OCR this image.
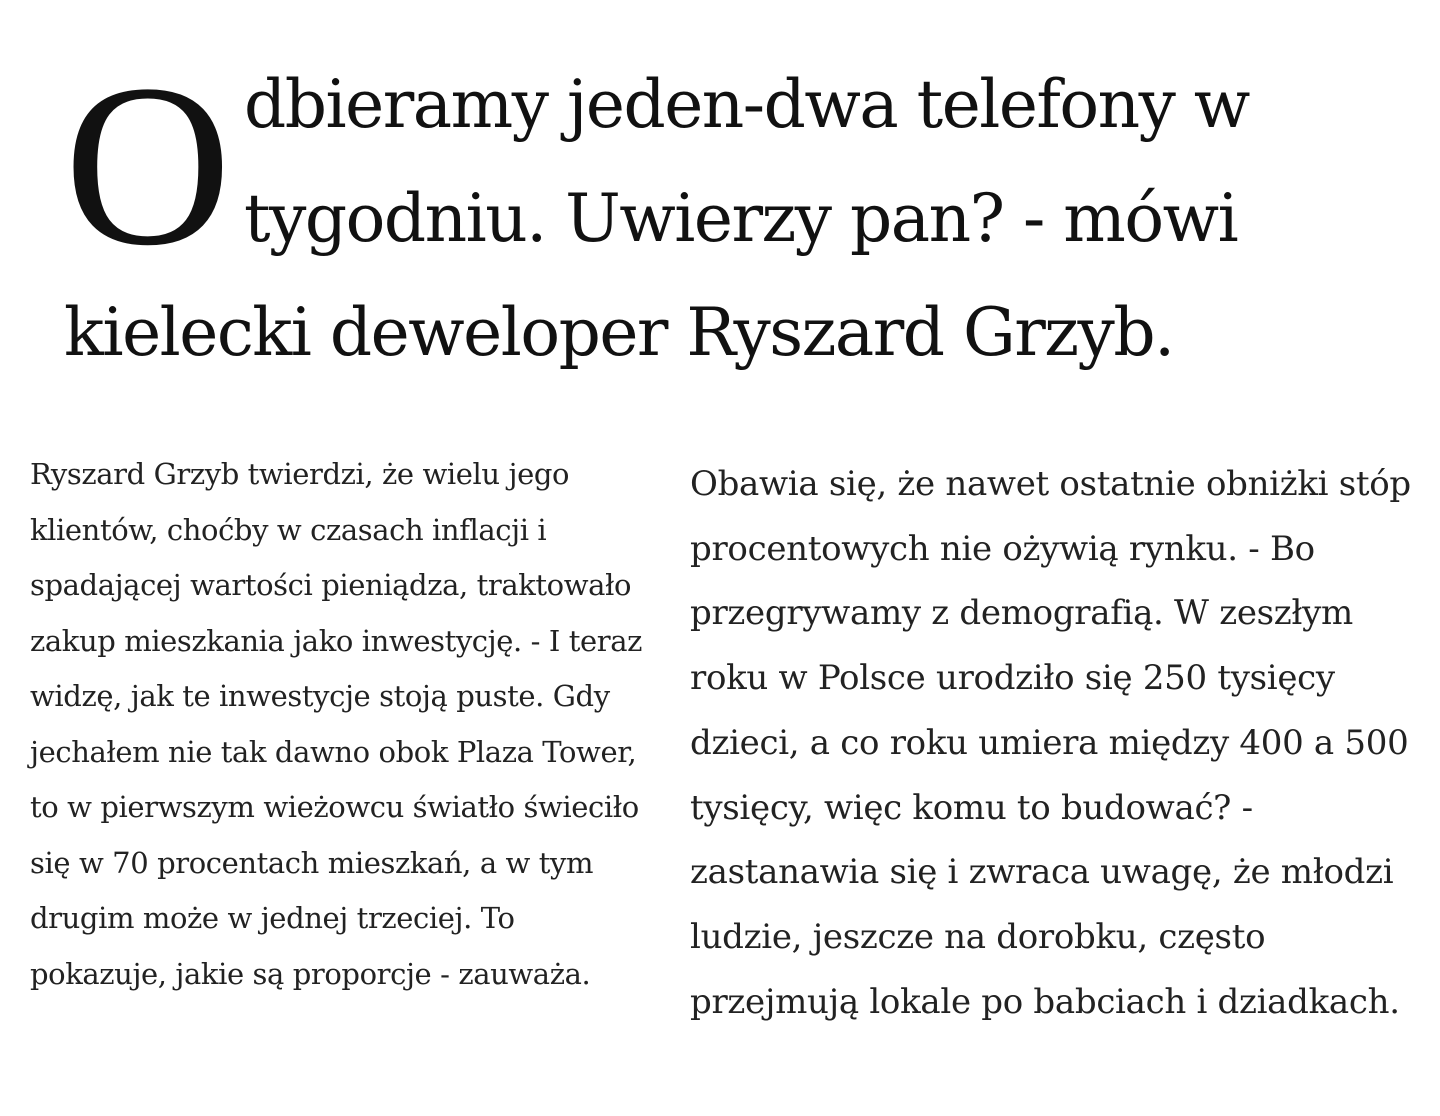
Odbieramy jeden-dwa telefony w tygodniu. Uwierzy pan? - mówi kielecki deweloper Ryszard Grzyb.

Ryszard Grzyb twierdzi, że wielu jego klientów, choćby w czasach inflacji i spadającej wartości pieniądza, traktowało zakup mieszkania jako inwestycję. - I teraz widzę, jak te inwestycje stoją puste. Gdy jechałem nie tak dawno obok Plaza Tower, to w pierwszym wieżowcu światło świeciło się w 70 procentach mieszkań, a w tym drugim może w jednej trzeciej. To pokazuje, jakie są proporcje - zauważa.

Obawia się, że nawet ostatnie obniżki stóp procentowych nie ożywią rynku. - Bo przegrywamy z demografią. W zeszłym roku w Polsce urodziło się 250 tysięcy dzieci, a co roku umiera między 400 a 500 tysięcy, więc komu to budować? - zastanawia się i zwraca uwagę, że młodzi ludzie, jeszcze na dorobku, często przejmują lokale po babciach i dziadkach.
